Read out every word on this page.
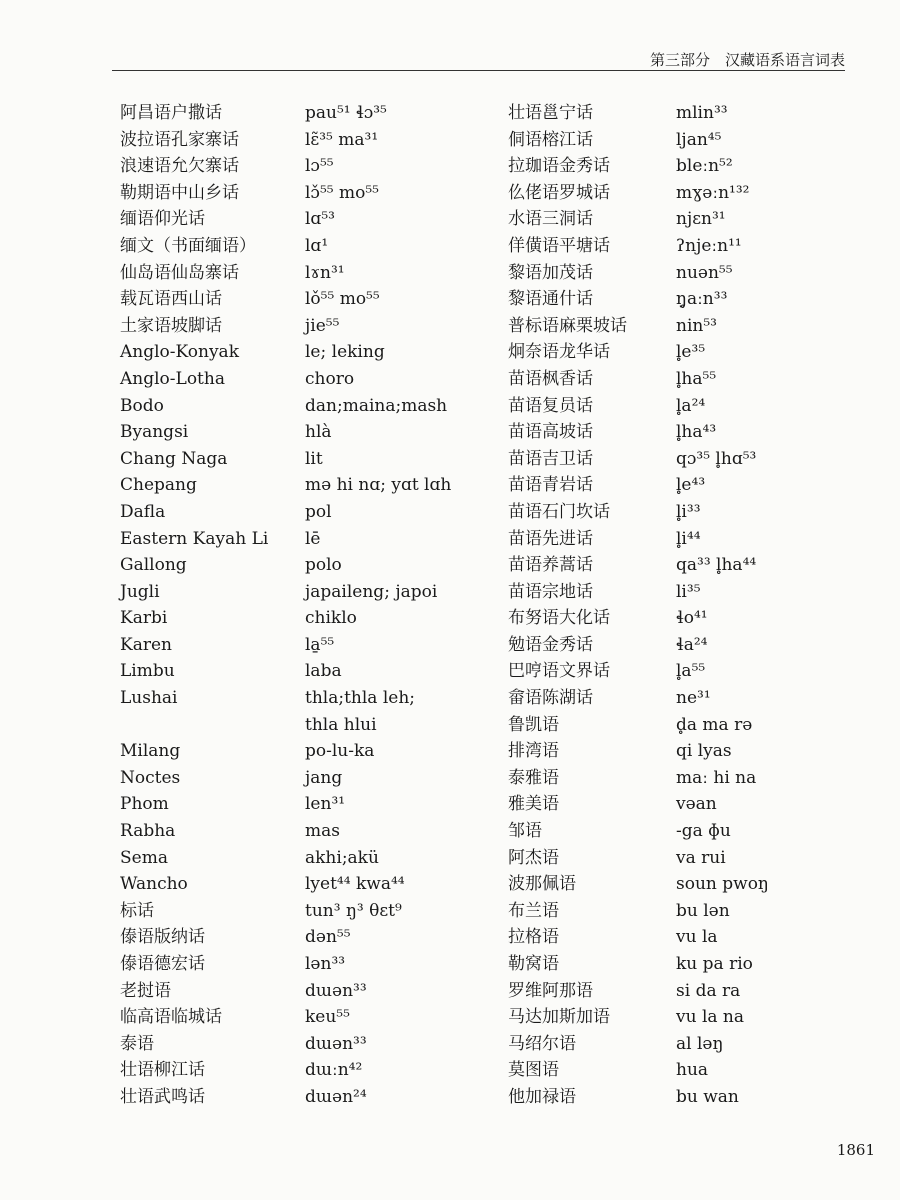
第三部分　汉藏语系语言词表
阿昌语户撒话	pau⁵¹ ɬɔ³⁵
波拉语孔家寨话	lɛ̃³⁵ ma³¹
浪速语允欠寨话	lɔ⁵⁵
勒期语中山乡话	lɔ̌⁵⁵ mo⁵⁵
缅语仰光话	lɑ⁵³
缅文（书面缅语）	lɑ¹
仙岛语仙岛寨话	lɤn³¹
载瓦语西山话	lǒ⁵⁵ mo⁵⁵
土家语坡脚话	jie⁵⁵
Anglo-Konyak	le; leking
Anglo-Lotha	choro
Bodo	dan;maina;mash
Byangsi	hlà
Chang Naga	lit
Chepang	mə hi nɑ; yɑt lɑh
Dafla	pol
Eastern Kayah Li	lē
Gallong	polo
Jugli	japaileng; japoi
Karbi	chiklo
Karen	la̱⁵⁵
Limbu	laba
Lushai	thla;thla leh;
thla hlui
Milang	po-lu-ka
Noctes	jang
Phom	len³¹
Rabha	mas
Sema	akhi;akü
Wancho	lyet⁴⁴ kwa⁴⁴
标话	tun³ ŋ³ θɛt⁹
傣语版纳话	dən⁵⁵
傣语德宏话	lən³³
老挝语	dɯən³³
临高语临城话	keu⁵⁵
泰语	dɯən³³
壮语柳江话	dɯːn⁴²
壮语武鸣话	dɯən²⁴
壮语邕宁话	mlin³³
侗语榕江话	ljan⁴⁵
拉珈语金秀话	bleːn⁵²
仫佬语罗城话	mɣəːn¹³²
水语三洞话	njɛn³¹
佯僙语平塘话	ʔnjeːn¹¹
黎语加茂话	nuən⁵⁵
黎语通什话	ŋ̥aːn³³
普标语麻栗坡话	nin⁵³
炯奈语龙华话	l̥e³⁵
苗语枫香话	l̥ha⁵⁵
苗语复员话	l̥a²⁴
苗语高坡话	l̥ha⁴³
苗语吉卫话	qɔ³⁵ l̥hɑ⁵³
苗语青岩话	l̥e⁴³
苗语石门坎话	l̥i³³
苗语先进话	l̥i⁴⁴
苗语养蒿话	qa³³ l̥ha⁴⁴
苗语宗地话	li³⁵
布努语大化话	ɬo⁴¹
勉语金秀话	ɬa²⁴
巴哼语文界话	l̥a⁵⁵
畲语陈湖话	ne³¹
鲁凯语	d̥a ma rə
排湾语	qi lyas
泰雅语	maː hi na
雅美语	vəan
邹语	-ga ɸu
阿杰语	va rui
波那佩语	soun pwoŋ
布兰语	bu lən
拉格语	vu la
勒窝语	ku pa rio
罗维阿那语	si da ra
马达加斯加语	vu la na
马绍尔语	al ləŋ
莫图语	hua
他加禄语	bu wan
1861
